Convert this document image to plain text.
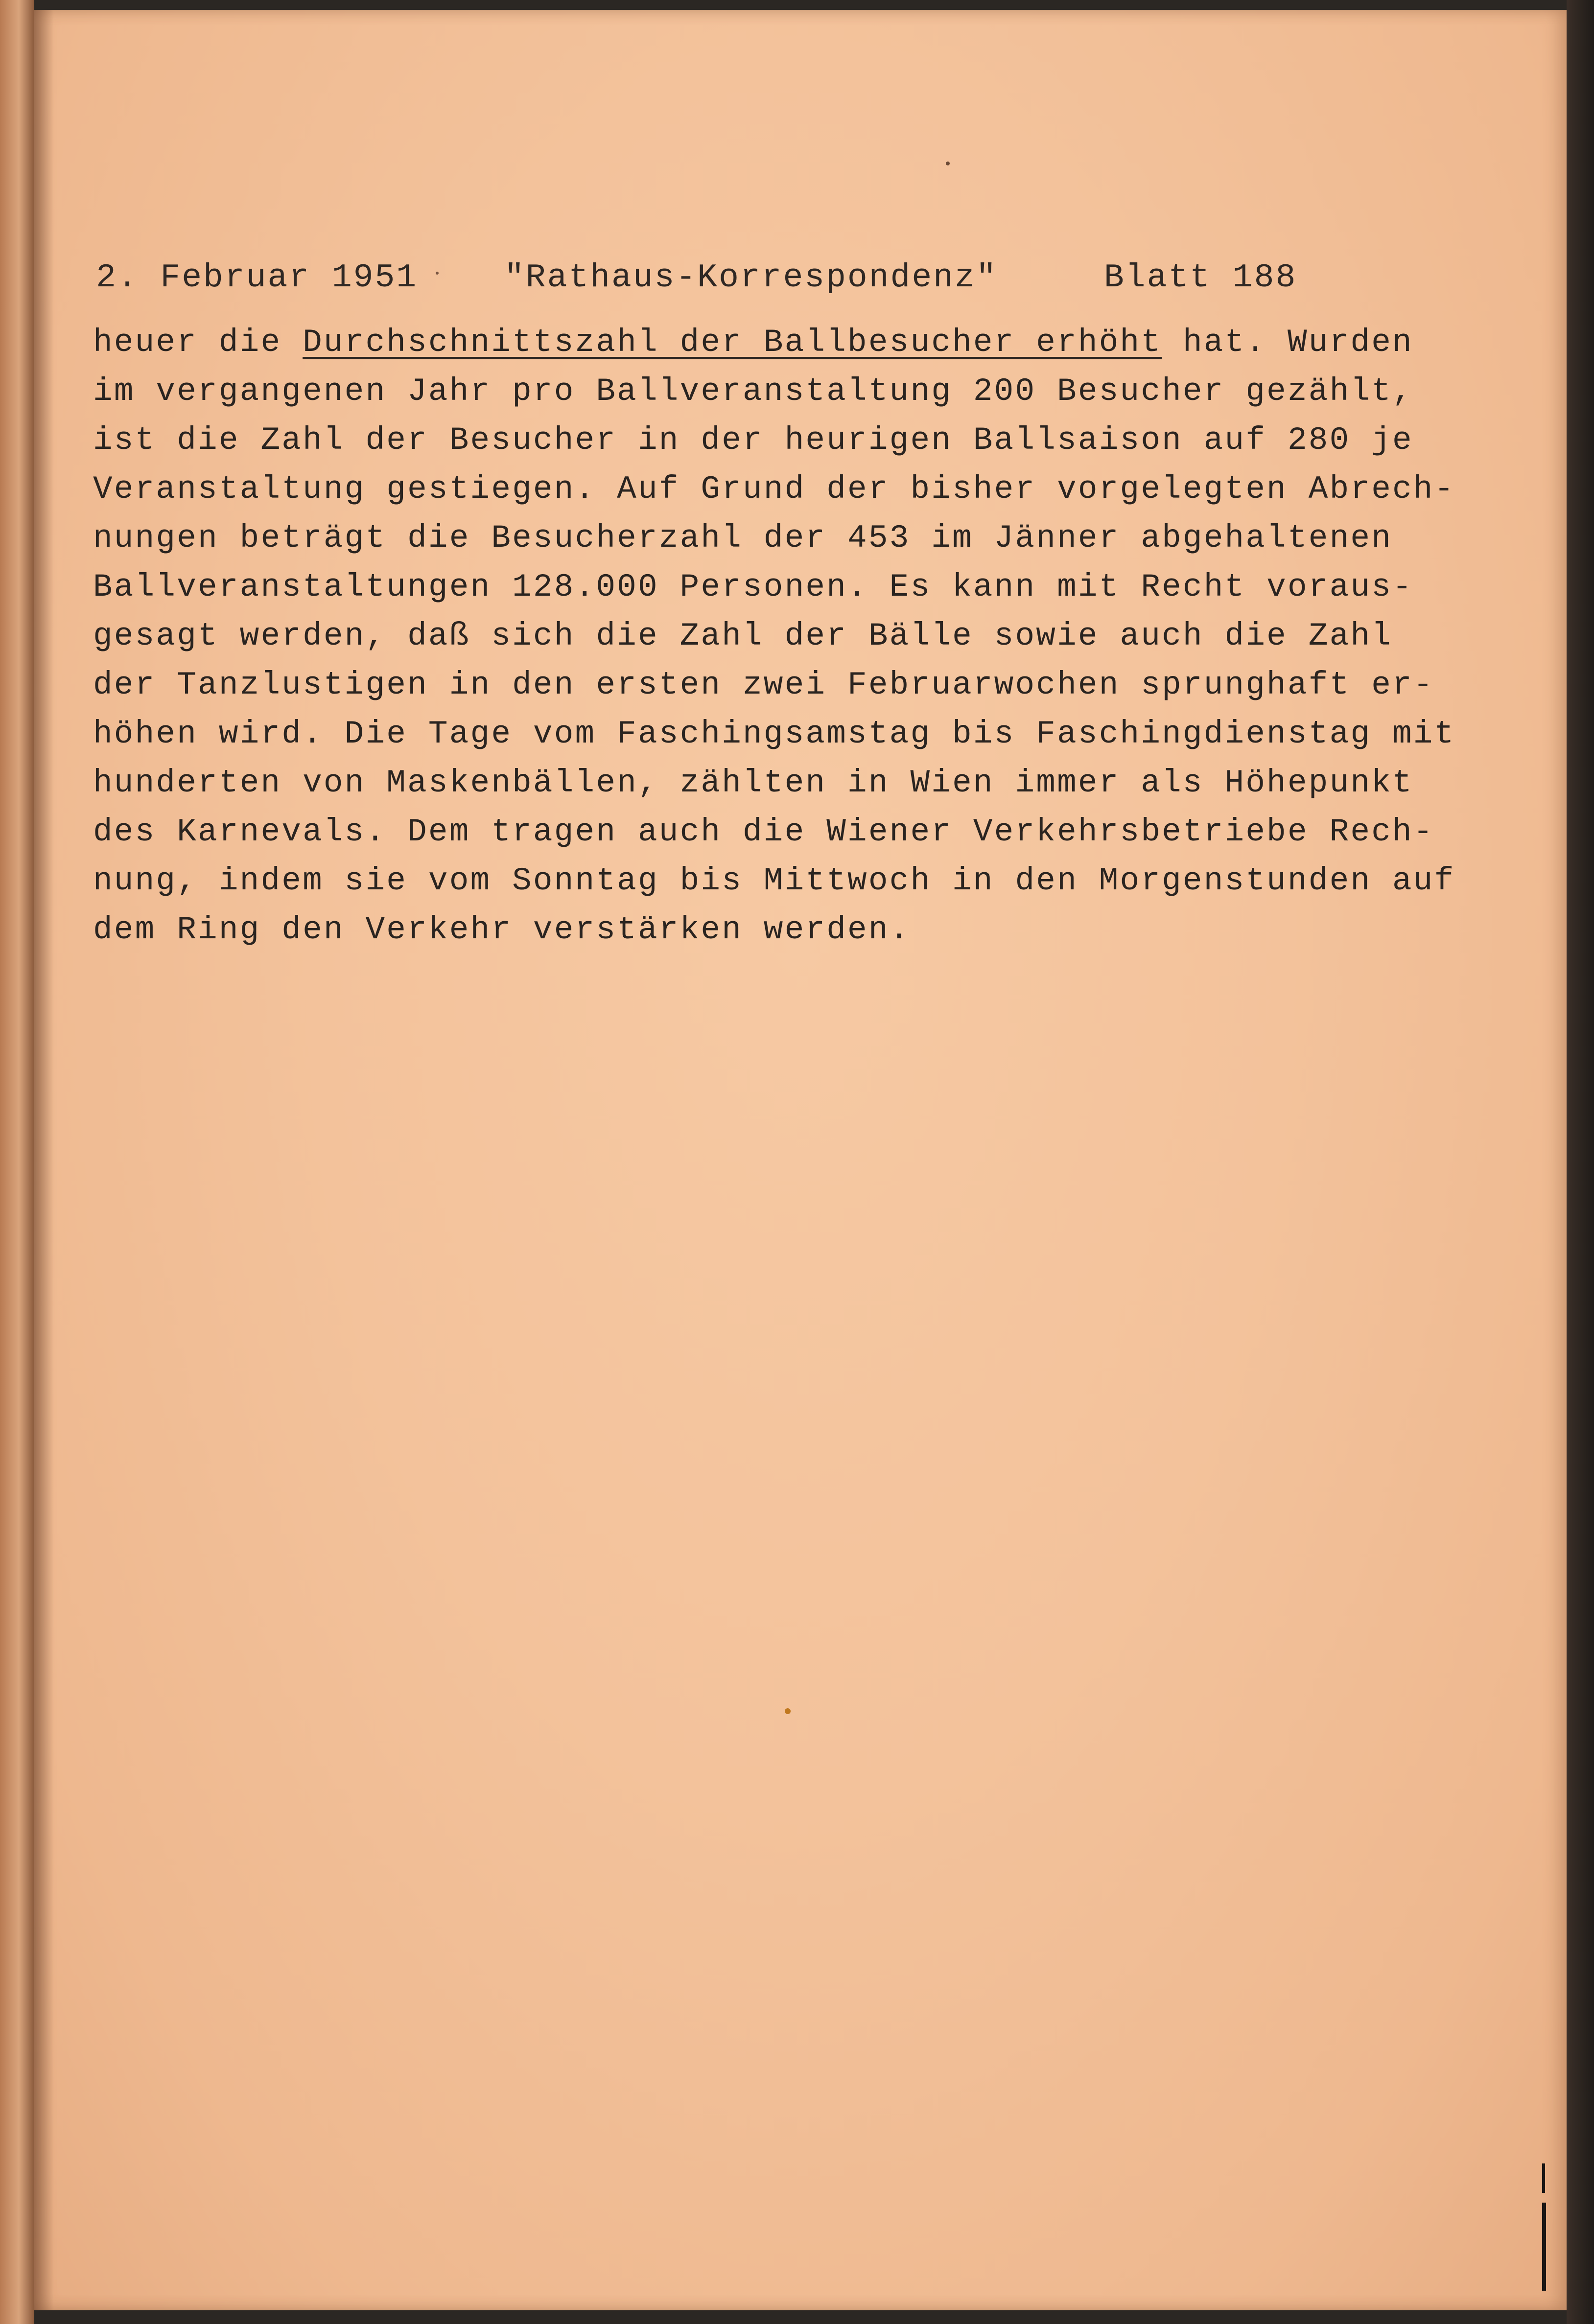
2. Februar 1951	"Rathaus-Korrespondenz"	Blatt 188
heuer die Durchschnittszahl der Ballbesucher erhöht hat. Wurden
im vergangenen Jahr pro Ballveranstaltung 200 Besucher gezählt,
ist die Zahl der Besucher in der heurigen Ballsaison auf 280 je
Veranstaltung gestiegen. Auf Grund der bisher vorgelegten Abrech-
nungen beträgt die Besucherzahl der 453 im Jänner abgehaltenen
Ballveranstaltungen 128.000 Personen. Es kann mit Recht voraus-
gesagt werden, daß sich die Zahl der Bälle sowie auch die Zahl
der Tanzlustigen in den ersten zwei Februarwochen sprunghaft er-
höhen wird. Die Tage vom Faschingsamstag bis Faschingdienstag mit
hunderten von Maskenbällen, zählten in Wien immer als Höhepunkt
des Karnevals. Dem tragen auch die Wiener Verkehrsbetriebe Rech-
nung, indem sie vom Sonntag bis Mittwoch in den Morgenstunden auf
dem Ring den Verkehr verstärken werden.
